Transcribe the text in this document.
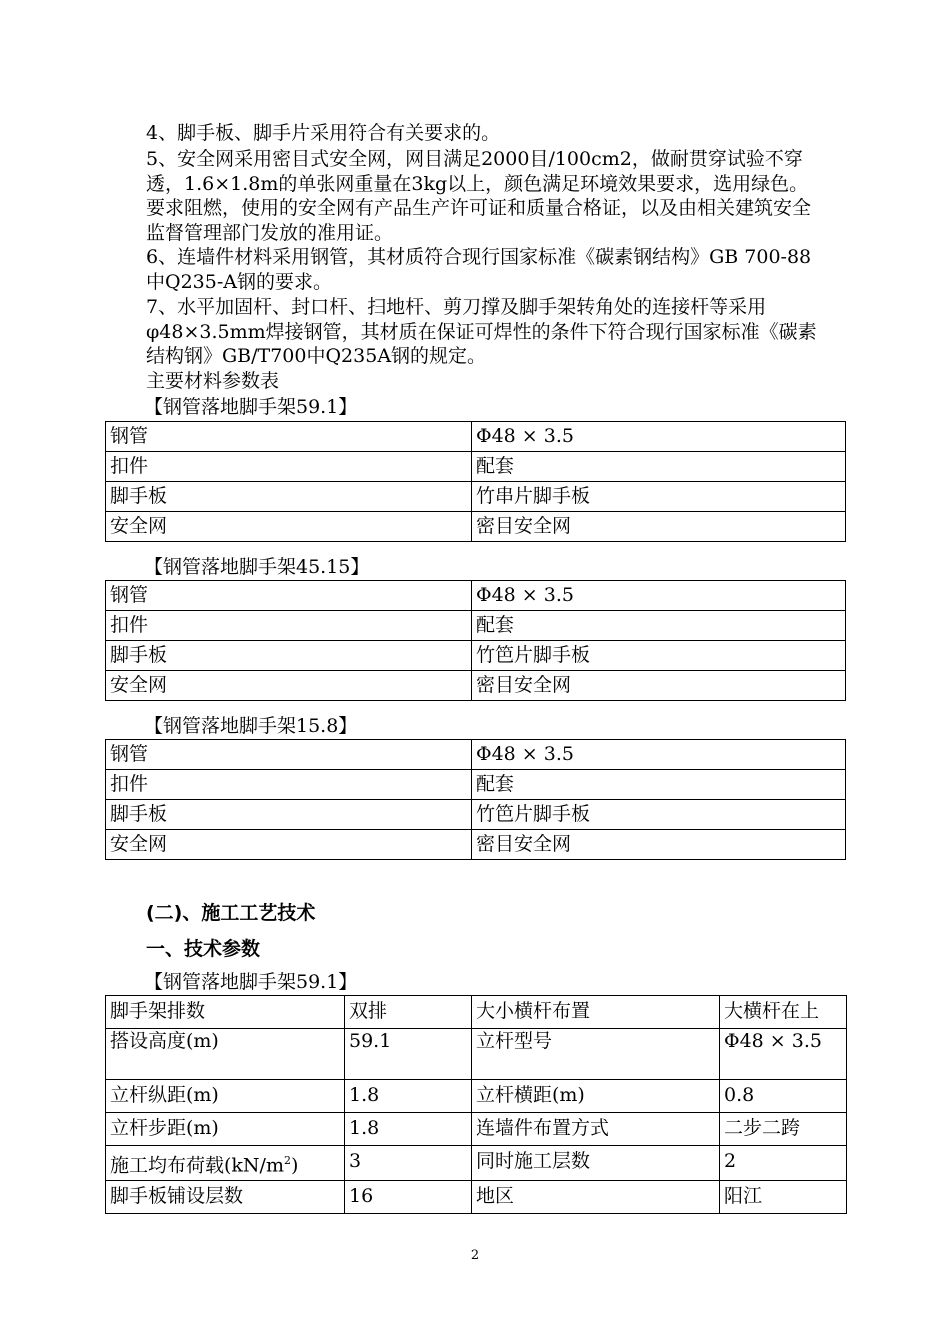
4、脚手板、脚手片采用符合有关要求的。

5、安全网采用密目式安全网，网目满足2000目/100cm2，做耐贯穿试验不穿透，1.6×1.8m的单张网重量在3kg以上，颜色满足环境效果要求，选用绿色。要求阻燃，使用的安全网有产品生产许可证和质量合格证，以及由相关建筑安全监督管理部门发放的准用证。

6、连墙件材料采用钢管，其材质符合现行国家标准《碳素钢结构》GB 700-88中Q235-A钢的要求。

7、水平加固杆、封口杆、扫地杆、剪刀撑及脚手架转角处的连接杆等采用φ48×3.5mm焊接钢管，其材质在保证可焊性的条件下符合现行国家标准《碳素结构钢》GB/T700中Q235A钢的规定。

主要材料参数表

【钢管落地脚手架59.1】
钢管	Φ48 × 3.5
扣件	配套
脚手板	竹串片脚手板
安全网	密目安全网
【钢管落地脚手架45.15】
钢管	Φ48 × 3.5
扣件	配套
脚手板	竹笆片脚手板
安全网	密目安全网
【钢管落地脚手架15.8】
钢管	Φ48 × 3.5
扣件	配套
脚手板	竹笆片脚手板
安全网	密目安全网
(二)、施工工艺技术
一、技术参数
【钢管落地脚手架59.1】
脚手架排数	双排	大小横杆布置	大横杆在上
搭设高度(m)	59.1	立杆型号	Φ48 × 3.5
立杆纵距(m)	1.8	立杆横距(m)	0.8
立杆步距(m)	1.8	连墙件布置方式	二步二跨
施工均布荷载$(kN/m^2)$	3	同时施工层数	2
脚手板铺设层数	16	地区	阳江
2
